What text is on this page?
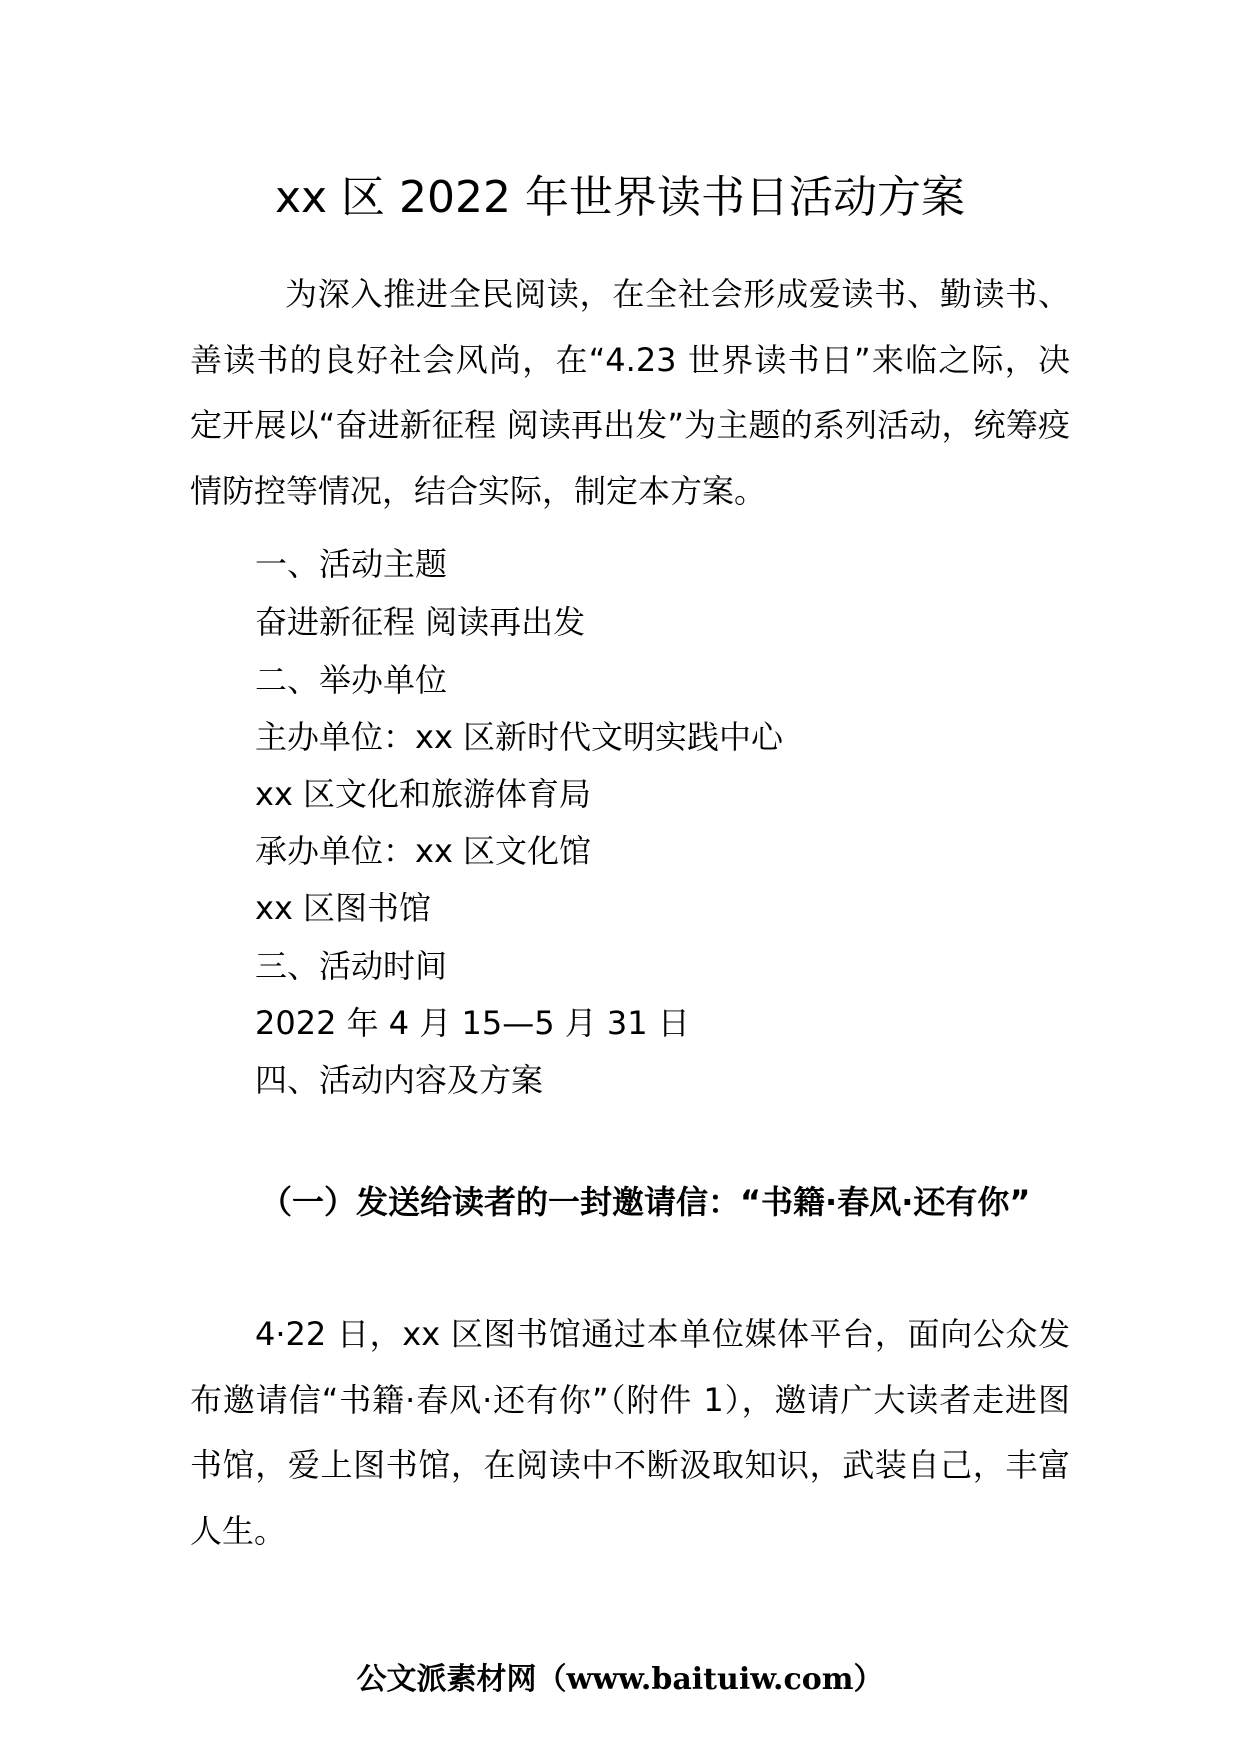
xx 区 2022 年世界读书日活动方案

为深入推进全民阅读，在全社会形成爱读书、勤读书、善读书的良好社会风尚，在“4.23 世界读书日”来临之际，决定开展以“奋进新征程 阅读再出发”为主题的系列活动，统筹疫情防控等情况，结合实际，制定本方案。

一、活动主题

奋进新征程 阅读再出发

二、举办单位

主办单位：xx 区新时代文明实践中心

xx 区文化和旅游体育局

承办单位：xx 区文化馆

xx 区图书馆

三、活动时间

2022 年 4 月 15—5 月 31 日

四、活动内容及方案

（一）发送给读者的一封邀请信：“书籍·春风·还有你”

4·22 日，xx 区图书馆通过本单位媒体平台，面向公众发布邀请信“书籍·春风·还有你”（附件 1），邀请广大读者走进图书馆，爱上图书馆，在阅读中不断汲取知识，武装自己，丰富人生。

公文派素材网（www.baituiw.com）
